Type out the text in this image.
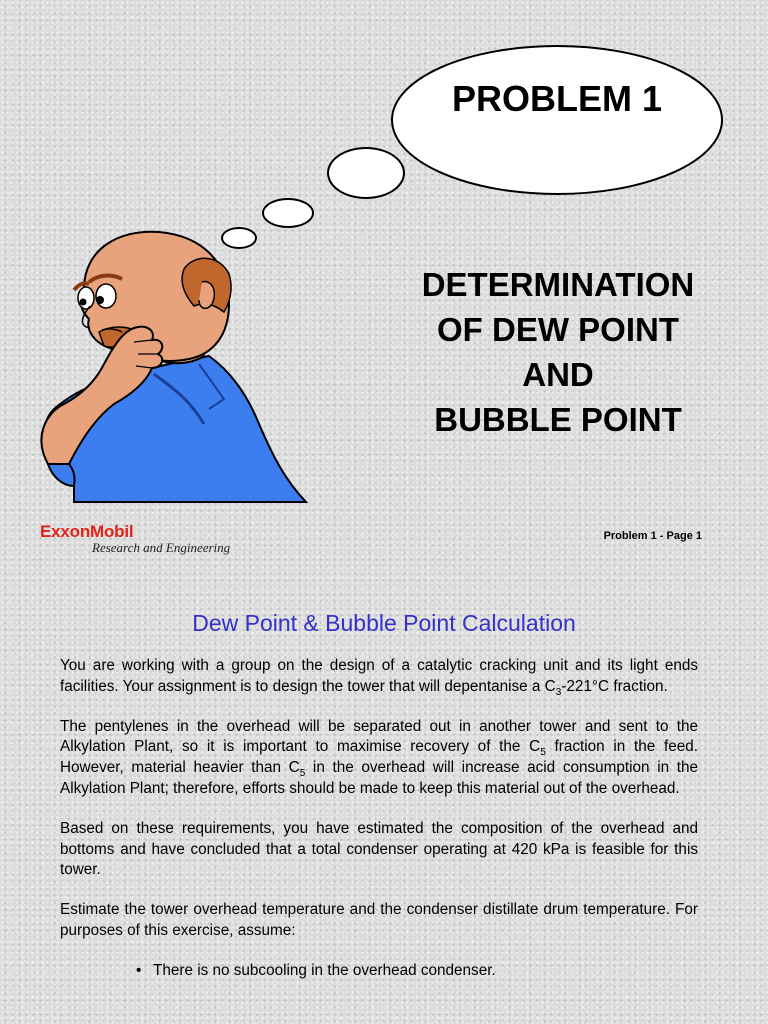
PROBLEM 1
DETERMINATION
OF DEW POINT
AND
BUBBLE POINT
ExxonMobil
Research and Engineering
Problem 1 - Page 1
Dew Point & Bubble Point Calculation

You are working with a group on the design of a catalytic cracking unit and its light ends facilities. Your assignment is to design the tower that will depentanise a $C_3-221^\circ C$ fraction.

The pentylenes in the overhead will be separated out in another tower and sent to the Alkylation Plant, so it is important to maximise recovery of the $C_5$ fraction in the feed. However, material heavier than $C_5$ in the overhead will increase acid consumption in the Alkylation Plant; therefore, efforts should be made to keep this material out of the overhead.

Based on these requirements, you have estimated the composition of the overhead and bottoms and have concluded that a total condenser operating at 420 kPa is feasible for this tower.

Estimate the tower overhead temperature and the condenser distillate drum temperature. For purposes of this exercise, assume:

• There is no subcooling in the overhead condenser.
